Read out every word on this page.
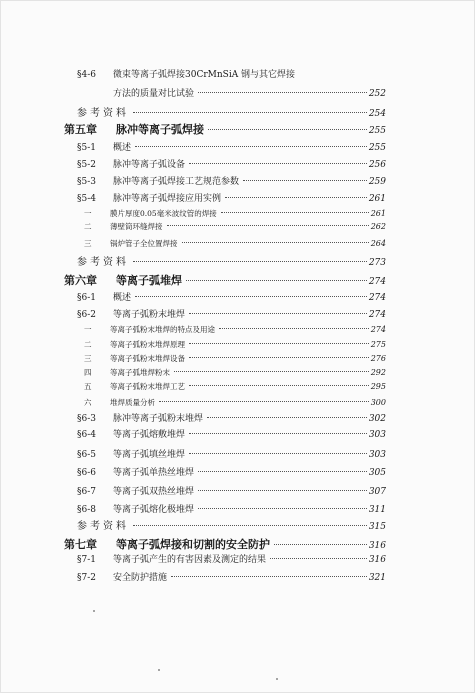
§4-6	微束等离子弧焊接30CrMnSiA 钢与其它焊接
方法的质量对比试验	252
参考资料	254
第五章	脉冲等离子弧焊接	255
§5-1	概述	255
§5-2	脉冲等离子弧设备	256
§5-3	脉冲等离子弧焊接工艺规范参数	259
§5-4	脉冲等离子弧焊接应用实例	261
一	膜片厚度0.05毫米波纹管的焊接	261
二	薄壁筒环缝焊接	262
三	锅炉管子全位置焊接	264
参考资料	273
第六章	等离子弧堆焊	274
§6-1	概述	274
§6-2	等离子弧粉末堆焊	274
一	等离子弧粉末堆焊的特点及用途	274
二	等离子弧粉末堆焊原理	275
三	等离子弧粉末堆焊设备	276
四	等离子弧堆焊粉末	292
五	等离子弧粉末堆焊工艺	295
六	堆焊质量分析	300
§6-3	脉冲等离子弧粉末堆焊	302
§6-4	等离子弧熔敷堆焊	303
§6-5	等离子弧填丝堆焊	303
§6-6	等离子弧单热丝堆焊	305
§6-7	等离子弧双热丝堆焊	307
§6-8	等离子弧熔化极堆焊	311
参考资料	315
第七章	等离子弧焊接和切割的安全防护	316
§7-1	等离子弧产生的有害因素及测定的结果	316
§7-2	安全防护措施	321
